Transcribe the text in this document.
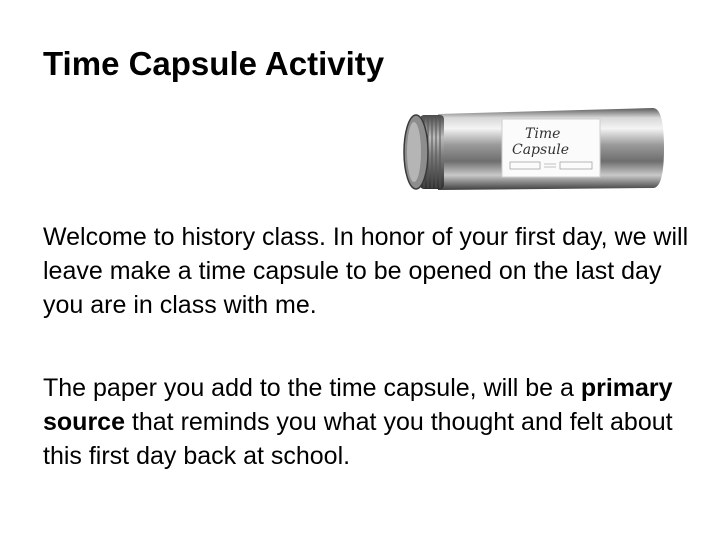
Time Capsule Activity
Time
Capsule
Welcome to history class. In honor of your first day, we will leave make a time capsule to be opened on the last day you are in class with me.
The paper you add to the time capsule, will be a primary source that reminds you what you thought and felt about this first day back at school.
